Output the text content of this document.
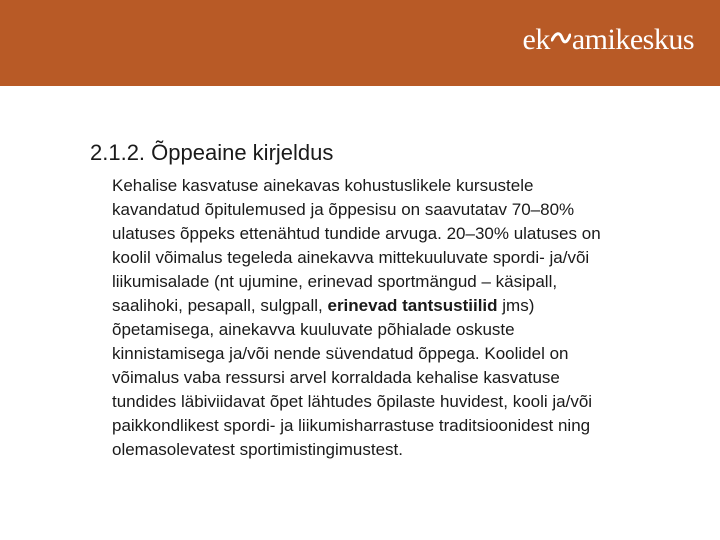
ek amikeskus
2.1.2. Õppeaine kirjeldus

Kehalise kasvatuse ainekavas kohustuslikele kursustele kavandatud õpitulemused ja õppesisu on saavutatav 70–80% ulatuses õppeks ettenähtud tundide arvuga. 20–30% ulatuses on koolil võimalus tegeleda ainekavva mittekuuluvate spordi- ja/või liikumisalade (nt ujumine, erinevad sportmängud – käsipall, saalihoki, pesapall, sulgpall, erinevad tantsustiilid jms) õpetamisega, ainekavva kuuluvate põhialade oskuste kinnistamisega ja/või nende süvendatud õppega. Koolidel on võimalus vaba ressursi arvel korraldada kehalise kasvatuse tundides läbiviidavat õpet lähtudes õpilaste huvidest, kooli ja/või paikkondlikest spordi- ja liikumisharrastuse traditsioonidest ning olemasolevatest sportimistingimustest.
